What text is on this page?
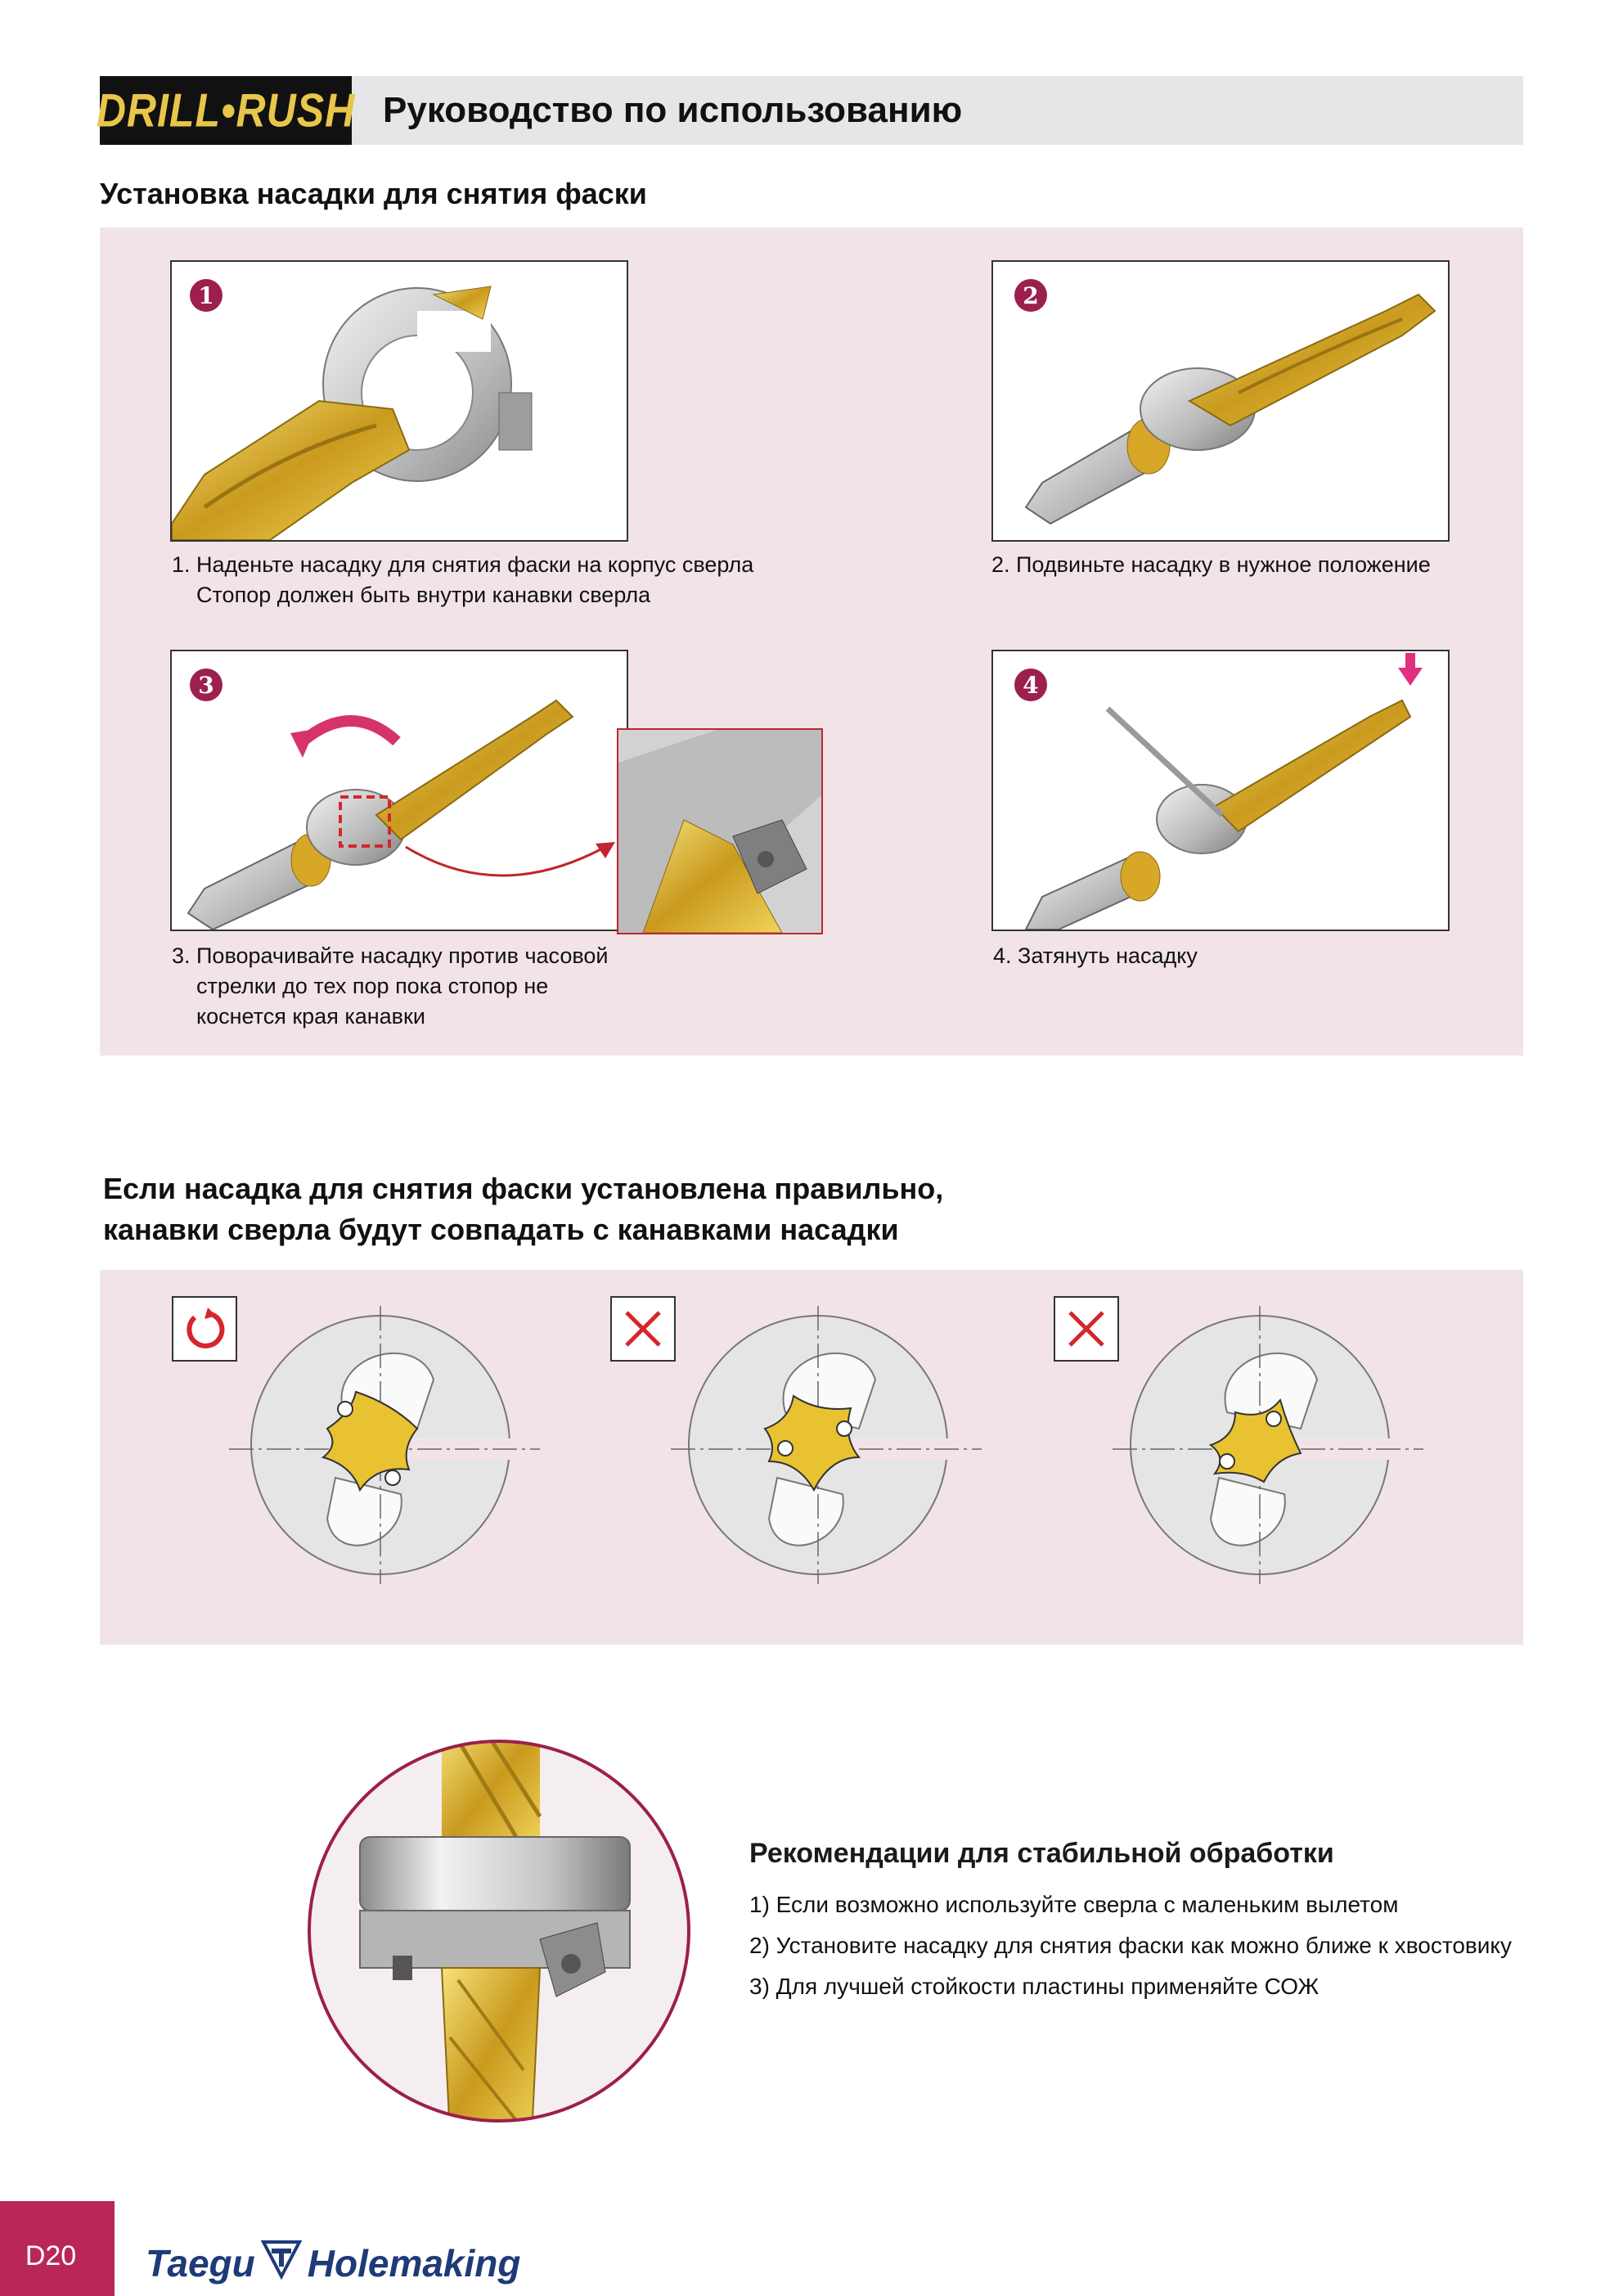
DRILL•RUSH Руководство по использованию
Установка насадки для снятия фаски
1
1. Наденьте насадку для снятия фаски на корпус сверла
Стопор должен быть внутри канавки сверла
2
2. Подвиньте насадку в нужное положение
3
3. Поворачивайте насадку против часовой
стрелки до тех пор пока стопор не
коснется края канавки
4
4. Затянуть насадку
Если насадка для снятия фаски установлена правильно,
канавки сверла будут совпадать с канавками насадки
Рекомендации для стабильной обработки
1) Если возможно используйте сверла с маленьким вылетом
2) Установите насадку для снятия фаски как можно ближе к хвостовику
3) Для лучшей стойкости пластины применяйте СОЖ
D20	Taegu Holemaking
